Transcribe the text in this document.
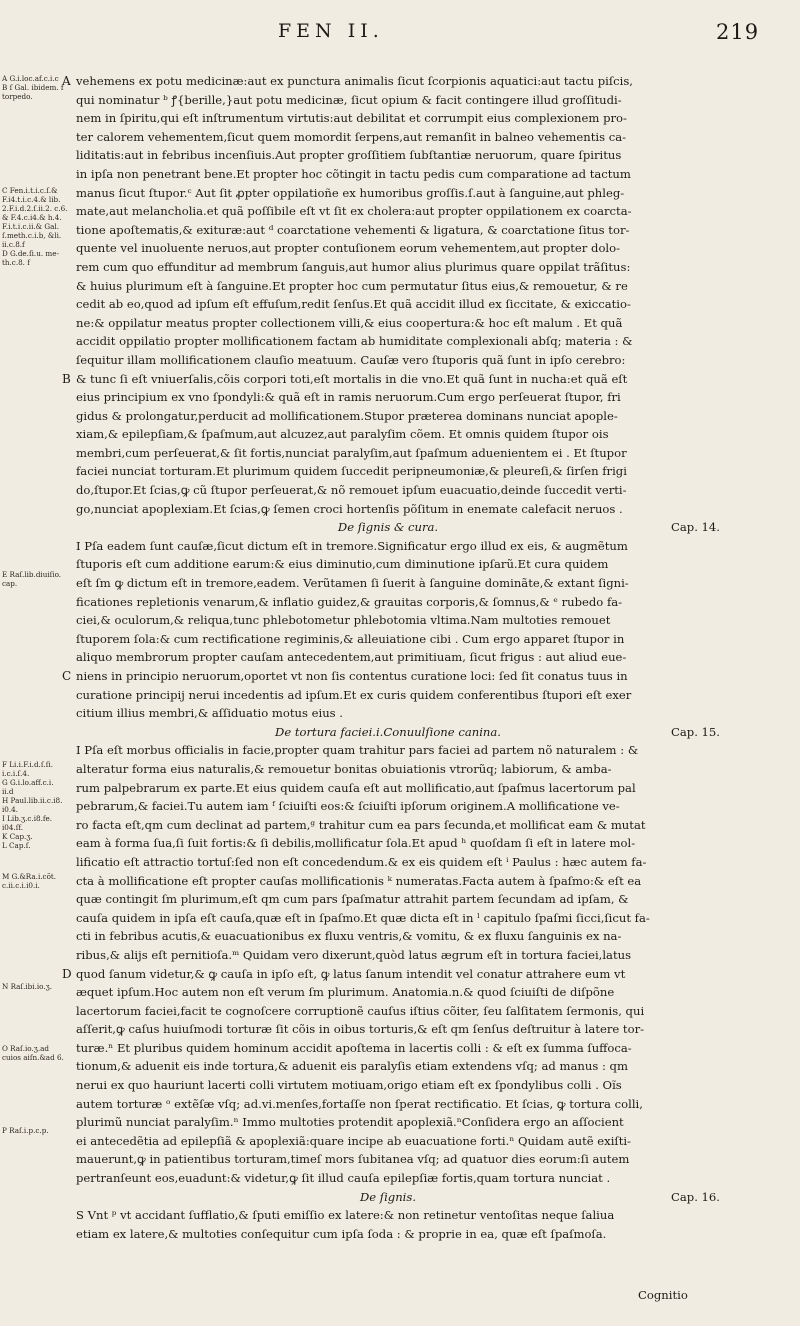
FEN II.	219
A G.i.loc.af.c.i.c
B ſ Gal. ibidem. f
torpedo.
C Fen.i.t.i.c.ſ.&
F.i4.t.i.c.4.& lib.
2.F.i.d.2.ſ.ii.2. c.6.
& F.4.c.i4.& h.4.
F.i.t.i.c.ii.& Gal.
ſ.meth.c.i.b, &li.
ii.c.8.f
D G.de.ſi.u. me-
th.c.8. f
E Raſ.lib.diuiſio.
cap.
F Li.i.F.i.d.ſ.ſi.
i.c.i.ſ.4.
G G.i.lo.aff.c.i.
ii.d
H Paul.lib.ii.c.i8.
i0.4.
I Lib.ʒ.c.i8.fe.
i04.ſf.
K Cap.ʒ.
L Cap.ſ.
M G.&Ra.i.cõt.
c.ii.c.i.i0.i.
N Raſ.ibi.io.ʒ.
O Raſ.io.ʒ.ad
cuios aiſn.&ad 6.
P Raſ.i.p.c.p.
A vehemens ex potu medicinæ:aut ex punctura animalis ſicut ſcorpionis aquatici:aut tactu piſcis,
qui nominatur ᵇ ꝭ{berille,}aut potu medicinæ, ſicut opium & facit contingere illud groſſitudi-
nem in ſpiritu,qui eſt inſtrumentum virtutis:aut debilitat et corrumpit eius complexionem pro-
ter calorem vehementem,ſicut quem momordit ſerpens,aut remanſit in balneo vehementis ca-
liditatis:aut in febribus incenſiuis.Aut propter groſſitiem ſubſtantiæ neruorum, quare ſpiritus
in ipſa non penetrant bene.Et propter hoc cõtingit in tactu pedis cum comparatione ad tactum
manus ſicut ſtupor.ᶜ Aut ſit ꝓpter oppilatioñe ex humoribus groſſis.ſ.aut à ſanguine,aut phleg-
mate,aut melancholia.et quã poſſibile eſt vt ſit ex cholera:aut propter oppilationem ex coarcta-
tione apoſtematis,& exituræ:aut ᵈ coarctatione vehementi & ligatura, & coarctatione ſitus tor-
quente vel inuoluente neruos,aut propter contuſionem eorum vehementem,aut propter dolo-
rem cum quo effunditur ad membrum ſanguis,aut humor alius plurimus quare oppilat trãſitus:
& huius plurimum eſt à ſanguine.Et propter hoc cum permutatur ſitus eius,& remouetur, & re
cedit ab eo,quod ad ipſum eſt effuſum,redit ſenſus.Et quã accidit illud ex ſiccitate, & exiccatio-
ne:& oppilatur meatus propter collectionem villi,& eius coopertura:& hoc eſt malum . Et quã
accidit oppilatio propter mollificationem factam ab humiditate complexionali abſq; materia : &
ſequitur illam mollificationem clauſio meatuum. Cauſæ vero ſtuporis quã ſunt in ipſo cerebro:
B & tunc ſi eſt vniuerſalis,cõis corpori toti,eſt mortalis in die vno.Et quã ſunt in nucha:et quã eſt
eius principium ex vno ſpondyli:& quã eſt in ramis neruorum.Cum ergo perſeuerat ſtupor, fri
gidus & prolongatur,perducit ad mollificationem.Stupor præterea dominans nunciat apople-
xiam,& epilepſiam,& ſpaſmum,aut alcuzez,aut paralyſim cõem. Et omnis quidem ſtupor ois
membri,cum perſeuerat,& ſit fortis,nunciat paralyſim,aut ſpaſmum aduenientem ei . Et ſtupor
faciei nunciat torturam.Et plurimum quidem ſuccedit peripneumoniæ,& pleureſi,& ſirſen frigi
do,ſtupor.Et ſcias,ꝙ cũ ſtupor perſeuerat,& nõ remouet ipſum euacuatio,deinde ſuccedit verti-
go,nunciat apoplexiam.Et ſcias,ꝙ ſemen croci hortenſis põſitum in enemate calefacit neruos .
De ſignis & cura.	Cap. 14.
I Pſa eadem ſunt cauſæ,ſicut dictum eſt in tremore.Significatur ergo illud ex eis, & augmẽtum
ſtuporis eſt cum additione earum:& eius diminutio,cum diminutione ipſarũ.Et cura quidem
eſt ſm ꝙ dictum eſt in tremore,eadem. Verũtamen ſi ſuerit à ſanguine dominãte,& extant ſigni-
ficationes repletionis venarum,& inflatio guidez,& grauitas corporis,& ſomnus,& ᵉ rubedo fa-
ciei,& oculorum,& reliqua,tunc phlebotometur phlebotomia vltima.Nam multoties remouet
ſtuporem ſola:& cum rectificatione regiminis,& alleuiatione cibi . Cum ergo apparet ſtupor in
aliquo membrorum propter cauſam antecedentem,aut primitiuam, ſicut frigus : aut aliud eue-
C niens in principio neruorum,oportet vt non ſis contentus curatione loci: ſed ſit conatus tuus in
curatione principij nerui incedentis ad ipſum.Et ex curis quidem conferentibus ſtupori eſt exer
citium illius membri,& aſſiduatio motus eius .
De tortura faciei.i.Conuulſione canina.	Cap. 15.
I Pſa eſt morbus officialis in facie,propter quam trahitur pars faciei ad partem nõ naturalem : &
alteratur forma eius naturalis,& remouetur bonitas obuiationis vtrorũq; labiorum, & amba-
rum palpebrarum ex parte.Et eius quidem cauſa eſt aut mollificatio,aut ſpaſmus lacertorum pal
pebrarum,& faciei.Tu autem iam ᶠ ſciuiſti eos:& ſciuiſti ipſorum originem.A mollificatione ve-
ro facta eſt,qm cum declinat ad partem,ᵍ trahitur cum ea pars ſecunda,et mollificat eam & mutat
eam à forma ſua,ſi ſuit fortis:& ſi debilis,mollificatur ſola.Et apud ʰ quoſdam ſi eſt in latere mol-
lificatio eſt attractio tortuſ:ſed non eſt concedendum.& ex eis quidem eſt ⁱ Paulus : hæc autem fa-
cta à mollificatione eſt propter cauſas mollificationis ᵏ numeratas.Facta autem à ſpaſmo:& eſt ea
quæ contingit ſm plurimum,eſt qm cum pars ſpaſmatur attrahit partem ſecundam ad ipſam, &
cauſa quidem in ipſa eſt cauſa,quæ eſt in ſpaſmo.Et quæ dicta eſt in ˡ capitulo ſpaſmi ſicci,ſicut fa-
cti in febribus acutis,& euacuationibus ex fluxu ventris,& vomitu, & ex fluxu ſanguinis ex na-
ribus,& alijs eſt pernitioſa.ᵐ Quidam vero dixerunt,quòd latus ægrum eſt in tortura faciei,latus
D quod ſanum videtur,& ꝙ cauſa in ipſo eſt, ꝙ latus ſanum intendit vel conatur attrahere eum vt
æquet ipſum.Hoc autem non eſt verum ſm plurimum. Anatomia.n.& quod ſciuiſti de diſpõne
lacertorum faciei,facit te cognoſcere corruptionẽ cauſus iſtius cõiter, ſeu ſalſitatem ſermonis, qui
aſſerit,ꝙ caſus huiuſmodi torturæ ſit cõis in oibus torturis,& eſt qm ſenſus deſtruitur à latere tor-
turæ.ⁿ Et pluribus quidem hominum accidit apoſtema in lacertis colli : & eſt ex ſumma ſuffoca-
tionum,& aduenit eis inde tortura,& aduenit eis paralyſis etiam extendens vſq; ad manus : qm
nerui ex quo hauriunt lacerti colli virtutem motiuam,origo etiam eſt ex ſpondylibus colli . Oĩs
autem torturæ ᵒ extẽſæ vſq; ad.vi.menſes,fortaſſe non ſperat rectificatio. Et ſcias, ꝙ tortura colli,
plurimũ nunciat paralyſim.ⁿ Immo multoties protendit apoplexiã.ⁿConſidera ergo an aſſocient
ei antecedẽtia ad epilepſiã & apoplexiã:quare incipe ab euacuatione forti.ⁿ Quidam autẽ exiſti-
mauerunt,ꝙ in patientibus torturam,timeſ mors ſubitanea vſq; ad quatuor dies eorum:ſi autem
pertranſeunt eos,euadunt:& videtur,ꝙ ſit illud cauſa epilepſiæ fortis,quam tortura nunciat .
De ſignis.	Cap. 16.
S Vnt ᵖ vt accidant ſufflatio,& ſputi emiſſio ex latere:& non retinetur ventoſitas neque ſaliua
etiam ex latere,& multoties conſequitur cum ipſa ſoda : & proprie in ea, quæ eſt ſpaſmoſa.
Cognitio
